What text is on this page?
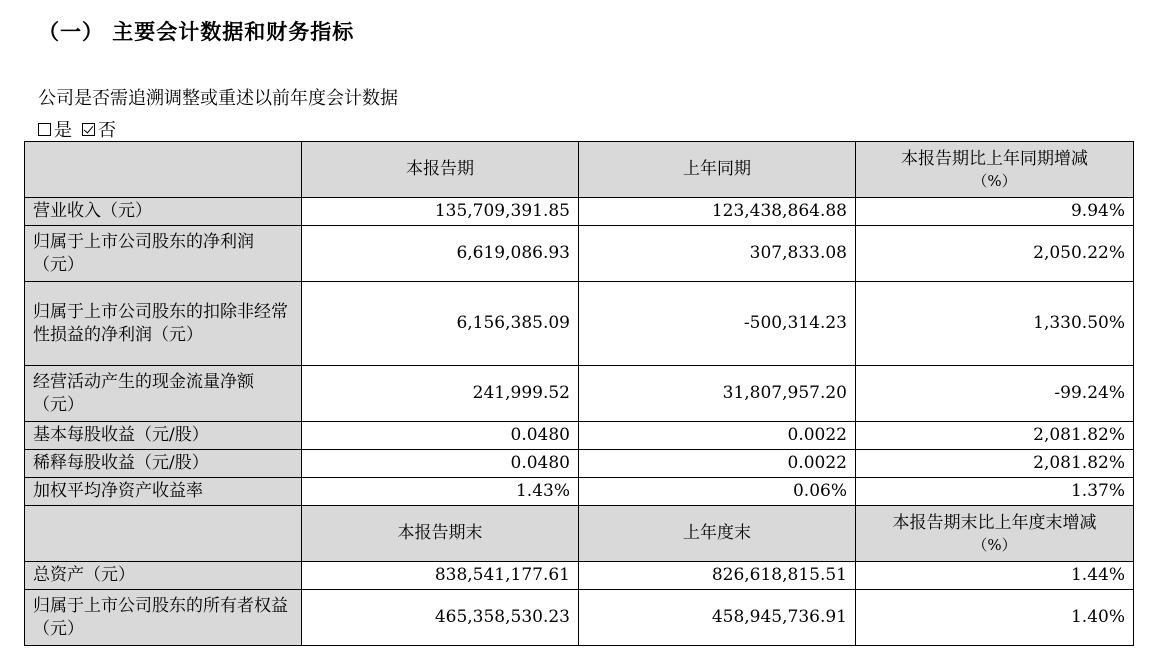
（一） 主要会计数据和财务指标
公司是否需追溯调整或重述以前年度会计数据
是 否
	本报告期	上年同期	本报告期比上年同期增减
（%）

营业收入（元）	135,709,391.85	123,438,864.88	9.94%
归属于上市公司股东的净利润（元）	6,619,086.93	307,833.08	2,050.22%
归属于上市公司股东的扣除非经常性损益的净利润（元）	6,156,385.09	-500,314.23	1,330.50%
经营活动产生的现金流量净额（元）	241,999.52	31,807,957.20	-99.24%
基本每股收益（元/股）	0.0480	0.0022	2,081.82%
稀释每股收益（元/股）	0.0480	0.0022	2,081.82%
加权平均净资产收益率	1.43%	0.06%	1.37%
	本报告期末	上年度末	本报告期末比上年度末增减
（%）

总资产（元）	838,541,177.61	826,618,815.51	1.44%
归属于上市公司股东的所有者权益（元）	465,358,530.23	458,945,736.91	1.40%
